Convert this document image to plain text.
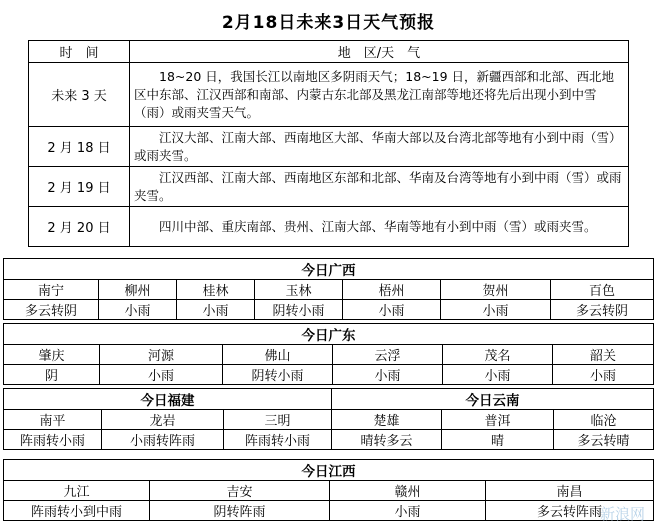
2月18日未来3日天气预报
时　间	地　区/天　气
未来 3 天	18~20 日，我国长江以南地区多阴雨天气；18~19 日，新疆西部和北部、西北地区中东部、江汉西部和南部、内蒙古东北部及黑龙江南部等地还将先后出现小到中雪（雨）或雨夹雪天气。
2 月 18 日	江汉大部、江南大部、西南地区大部、华南大部以及台湾北部等地有小到中雨（雪）或雨夹雪。
2 月 19 日	江汉西部、江南大部、西南地区东部和北部、华南及台湾等地有小到中雨（雪）或雨夹雪。
2 月 20 日	四川中部、重庆南部、贵州、江南大部、华南等地有小到中雨（雪）或雨夹雪。
今日广西						
南宁	柳州	桂林	玉林	梧州	贺州	百色
多云转阴	小雨	小雨	阴转小雨	小雨	小雨	多云转阴
今日广东					
肇庆	河源	佛山	云浮	茂名	韶关
阴	小雨	阴转小雨	小雨	小雨	小雨
今日福建			今日云南		
南平	龙岩	三明	楚雄	普洱	临沧
阵雨转小雨	小雨转阵雨	阵雨转小雨	晴转多云	晴	多云转晴
今日江西			
九江	吉安	赣州	南昌
阵雨转小到中雨	阴转阵雨	小雨	多云转阵雨
新浪网
